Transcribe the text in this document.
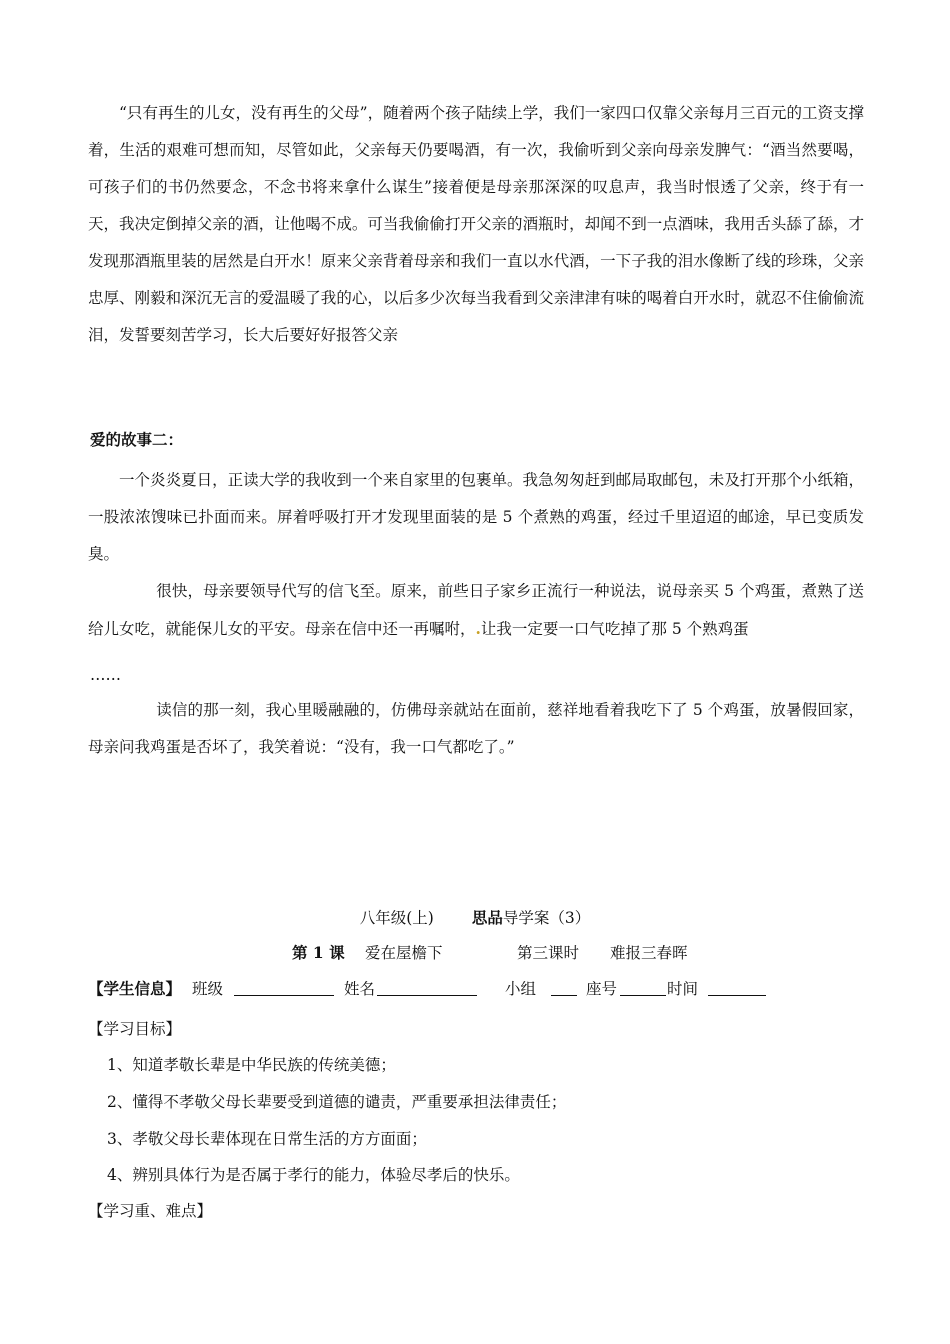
“只有再生的儿女，没有再生的父母”，随着两个孩子陆续上学，我们一家四口仅靠父亲每月三百元的工资支撑着，生活的艰难可想而知，尽管如此，父亲每天仍要喝酒，有一次，我偷听到父亲向母亲发脾气：“酒当然要喝，可孩子们的书仍然要念，不念书将来拿什么谋生”接着便是母亲那深深的叹息声，我当时恨透了父亲，终于有一天，我决定倒掉父亲的酒，让他喝不成。可当我偷偷打开父亲的酒瓶时，却闻不到一点酒味，我用舌头舔了舔，才发现那酒瓶里装的居然是白开水！原来父亲背着母亲和我们一直以水代酒，一下子我的泪水像断了线的珍珠，父亲忠厚、刚毅和深沉无言的爱温暖了我的心，以后多少次每当我看到父亲津津有味的喝着白开水时，就忍不住偷偷流泪，发誓要刻苦学习，长大后要好好报答父亲
爱的故事二：
一个炎炎夏日，正读大学的我收到一个来自家里的包裹单。我急匆匆赶到邮局取邮包，未及打开那个小纸箱，一股浓浓馊味已扑面而来。屏着呼吸打开才发现里面装的是 5 个煮熟的鸡蛋，经过千里迢迢的邮途，早已变质发臭。
很快，母亲要领导代写的信飞至。原来，前些日子家乡正流行一种说法，说母亲买 5 个鸡蛋，煮熟了送给儿女吃，就能保儿女的平安。母亲在信中还一再嘱咐，.让我一定要一口气吃掉了那 5 个熟鸡蛋
……
读信的那一刻，我心里暖融融的，仿佛母亲就站在面前，慈祥地看着我吃下了 5 个鸡蛋，放暑假回家，母亲问我鸡蛋是否坏了，我笑着说：“没有，我一口气都吃了。”
八年级(上) 思品导学案（3）
第 1 课 爱在屋檐下	第三课时 难报三春晖
【学生信息】 班级	姓名	小组	座号	时间
【学习目标】
1、知道孝敬长辈是中华民族的传统美德；
2、懂得不孝敬父母长辈要受到道德的谴责，严重要承担法律责任；
3、孝敬父母长辈体现在日常生活的方方面面；
4、辨别具体行为是否属于孝行的能力，体验尽孝后的快乐。
【学习重、难点】
